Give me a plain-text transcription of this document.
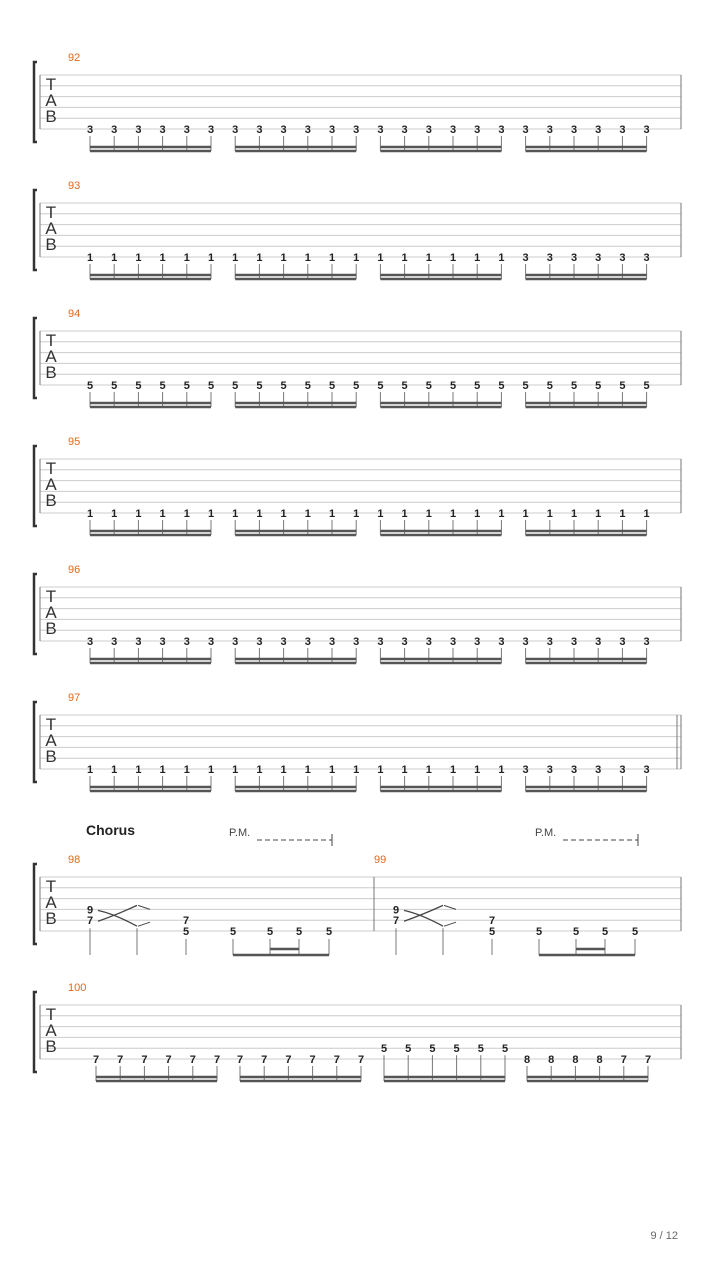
T
A
B
92
3 3 3 3 3 3 3 3 3 3 3 3 3 3 3 3 3 3 3 3 3 3 3 3
T
A
B
93
1 1 1 1 1 1 1 1 1 1 1 1 1 1 1 1 1 1 3 3 3 3 3 3
T
A
B
94
5 5 5 5 5 5 5 5 5 5 5 5 5 5 5 5 5 5 5 5 5 5 5 5
T
A
B
95
1 1 1 1 1 1 1 1 1 1 1 1 1 1 1 1 1 1 1 1 1 1 1 1
T
A
B
96
3 3 3 3 3 3 3 3 3 3 3 3 3 3 3 3 3 3 3 3 3 3 3 3
T
A
B
97
1 1 1 1 1 1 1 1 1 1 1 1 1 1 1 1 1 1 3 3 3 3 3 3
T
A
B
Chorus	P.M.	P.M.
98
9
7	7
5	5	5 5 5
99
9
7	7
5	5	5 5 5
T
A
B
100
7 7 7 7 7 7 7 7 7 7 7 7
5 5 5 5 5 5
8 8 8 8 7 7
9 / 12
